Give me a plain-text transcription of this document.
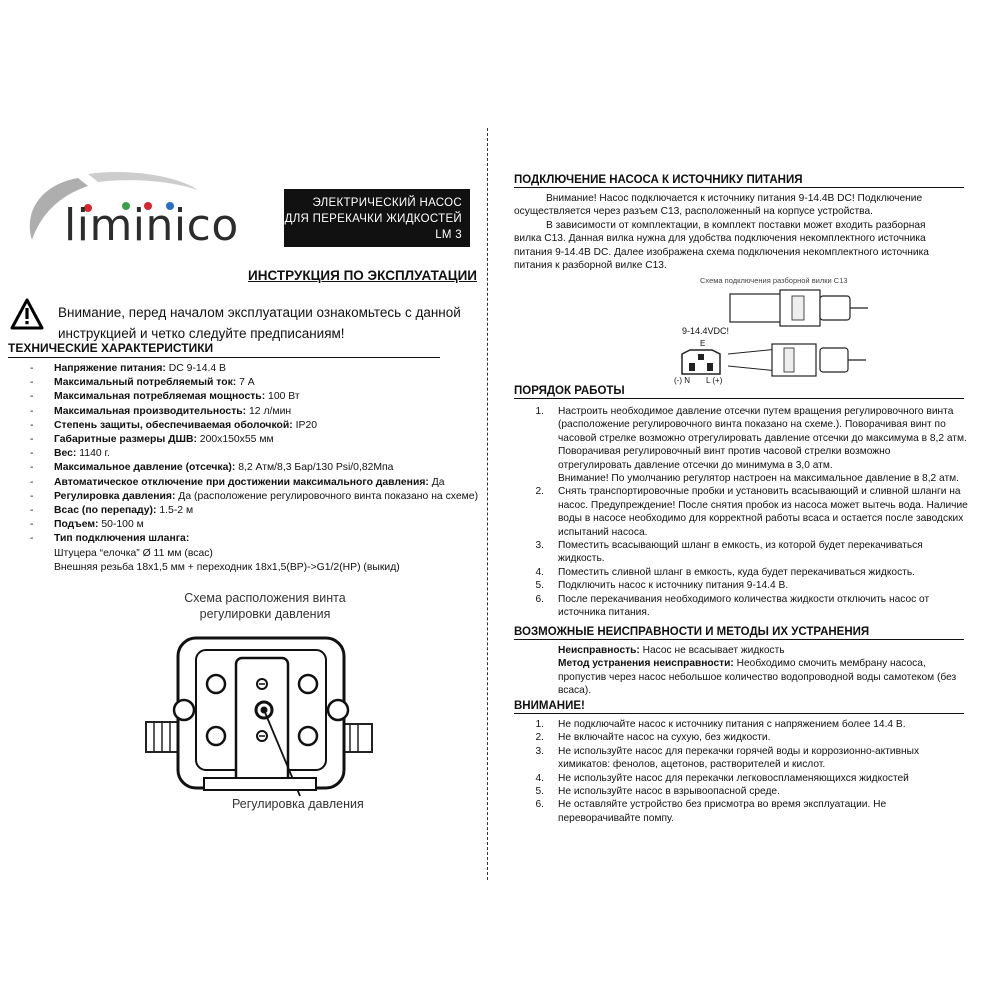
liminico	ЭЛЕКТРИЧЕСКИЙ НАСОС
ДЛЯ ПЕРЕКАЧКИ ЖИДКОСТЕЙ
LM 3
ИНСТРУКЦИЯ ПО ЭКСПЛУАТАЦИИ
Внимание, перед началом эксплуатации ознакомьтесь с данной
инструкцией и четко следуйте предписаниям!
ТЕХНИЧЕСКИЕ ХАРАКТЕРИСТИКИ
- Напряжение питания: DC 9-14.4 В
- Максимальный потребляемый ток: 7 А
- Максимальная потребляемая мощность: 100 Вт
- Максимальная производительность: 12 л/мин
- Степень защиты, обеспечиваемая оболочкой: IP20
- Габаритные размеры ДШВ: 200х150х55 мм
- Вес: 1140 г.
- Максимальное давление (отсечка): 8,2 Атм/8,3 Бар/130 Psi/0,82Мпа
- Автоматическое отключение при достижении максимального давления: Да
- Регулировка давления: Да (расположение регулировочного винта показано на схеме)
- Всас (по перепаду): 1.5-2 м
- Подъем: 50-100 м
- Тип подключения шланга:
Штуцера “елочка” Ø 11 мм (всас)
Внешняя резьба 18х1,5 мм + переходник 18х1,5(ВР)->G1/2(НР) (выкид)
Схема расположения винта
регулировки давления
Регулировка давления
ПОДКЛЮЧЕНИЕ НАСОСА К ИСТОЧНИКУ ПИТАНИЯ
Внимание! Насос подключается к источнику питания 9-14.4В DC! Подключение
осуществляется через разъем С13, расположенный на корпусе устройства.
В зависимости от комплектации, в комплект поставки может входить разборная
вилка С13. Данная вилка нужна для удобства подключения некомплектного источника
питания 9-14.4В DC. Далее изображена схема подключения некомплектного источника
питания к разборной вилке С13.
Схема подключения разборной вилки С13
9-14.4VDC!
E
(-) N L (+)
ПОРЯДОК РАБОТЫ
1. Настроить необходимое давление отсечки путем вращения регулировочного винта
(расположение регулировочного винта показано на схеме.). Поворачивая винт по
часовой стрелке возможно отрегулировать давление отсечки до максимума в 8,2 атм.
Поворачивая регулировочный винт против часовой стрелки возможно
отрегулировать давление отсечки до минимума в 3,0 атм.
Внимание! По умолчанию регулятор настроен на максимальное давление в 8,2 атм.
2. Снять транспортировочные пробки и установить всасывающий и сливной шланги на
насос. Предупреждение! После снятия пробок из насоса может вытечь вода. Наличие
воды в насосе необходимо для корректной работы всаса и остается после заводских
испытаний насоса.
3. Поместить всасывающий шланг в емкость, из которой будет перекачиваться
жидкость.
4. Поместить сливной шланг в емкость, куда будет перекачиваться жидкость.
5. Подключить насос к источнику питания 9-14.4 В.
6. После перекачивания необходимого количества жидкости отключить насос от
источника питания.
ВОЗМОЖНЫЕ НЕИСПРАВНОСТИ И МЕТОДЫ ИХ УСТРАНЕНИЯ
Неисправность: Насос не всасывает жидкость
Метод устранения неисправности: Необходимо смочить мембрану насоса,
пропустив через насос небольшое количество водопроводной воды самотеком (без
всаса).
ВНИМАНИЕ!
1. Не подключайте насос к источнику питания с напряжением более 14.4 В.
2. Не включайте насос на сухую, без жидкости.
3. Не используйте насос для перекачки горячей воды и коррозионно-активных
химикатов: фенолов, ацетонов, растворителей и кислот.
4. Не используйте насос для перекачки легковоспламеняющихся жидкостей
5. Не используйте насос в взрывоопасной среде.
6. Не оставляйте устройство без присмотра во время эксплуатации. Не
переворачивайте помпу.
